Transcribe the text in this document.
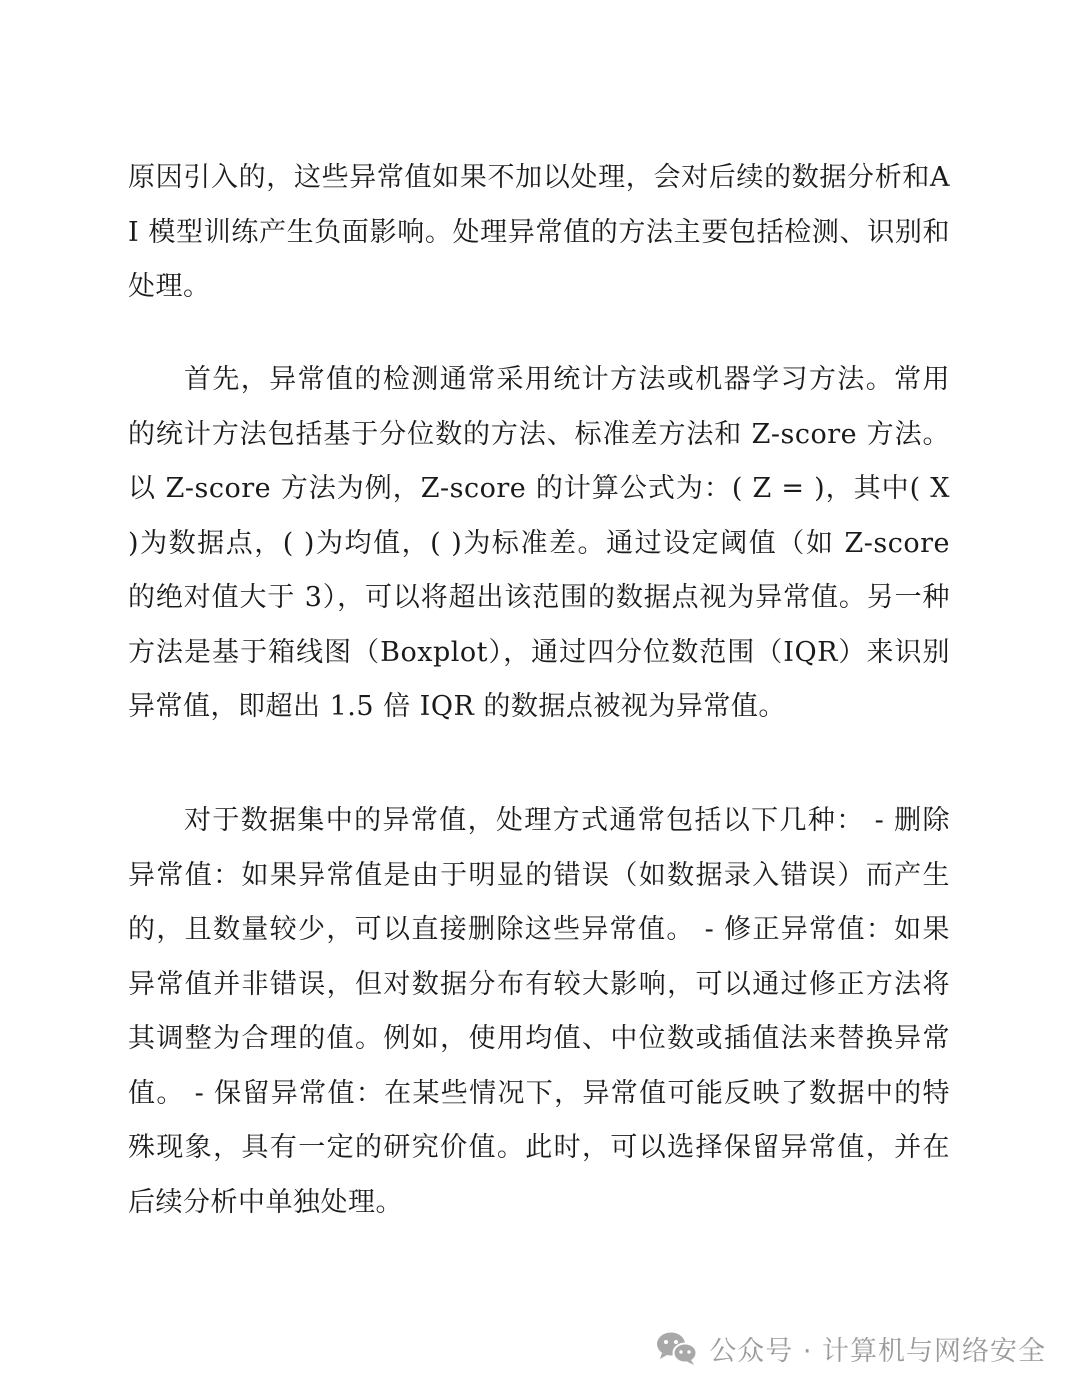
原因引入的，这些异常值如果不加以处理，会对后续的数据分析和AI 模型训练产生负面影响。处理异常值的方法主要包括检测、识别和处理。

首先，异常值的检测通常采用统计方法或机器学习方法。常用的统计方法包括基于分位数的方法、标准差方法和 Z-score 方法。以 Z-score 方法为例，Z-score 的计算公式为：( Z = )，其中( X )为数据点，( )为均值，( )为标准差。通过设定阈值（如 Z-score 的绝对值大于 3），可以将超出该范围的数据点视为异常值。另一种方法是基于箱线图（Boxplot），通过四分位数范围（IQR）来识别异常值，即超出 1.5 倍 IQR 的数据点被视为异常值。

对于数据集中的异常值，处理方式通常包括以下几种： - 删除异常值：如果异常值是由于明显的错误（如数据录入错误）而产生的，且数量较少，可以直接删除这些异常值。 - 修正异常值：如果异常值并非错误，但对数据分布有较大影响，可以通过修正方法将其调整为合理的值。例如，使用均值、中位数或插值法来替换异常值。 - 保留异常值：在某些情况下，异常值可能反映了数据中的特殊现象，具有一定的研究价值。此时，可以选择保留异常值，并在后续分析中单独处理。

公众号 · 计算机与网络安全
